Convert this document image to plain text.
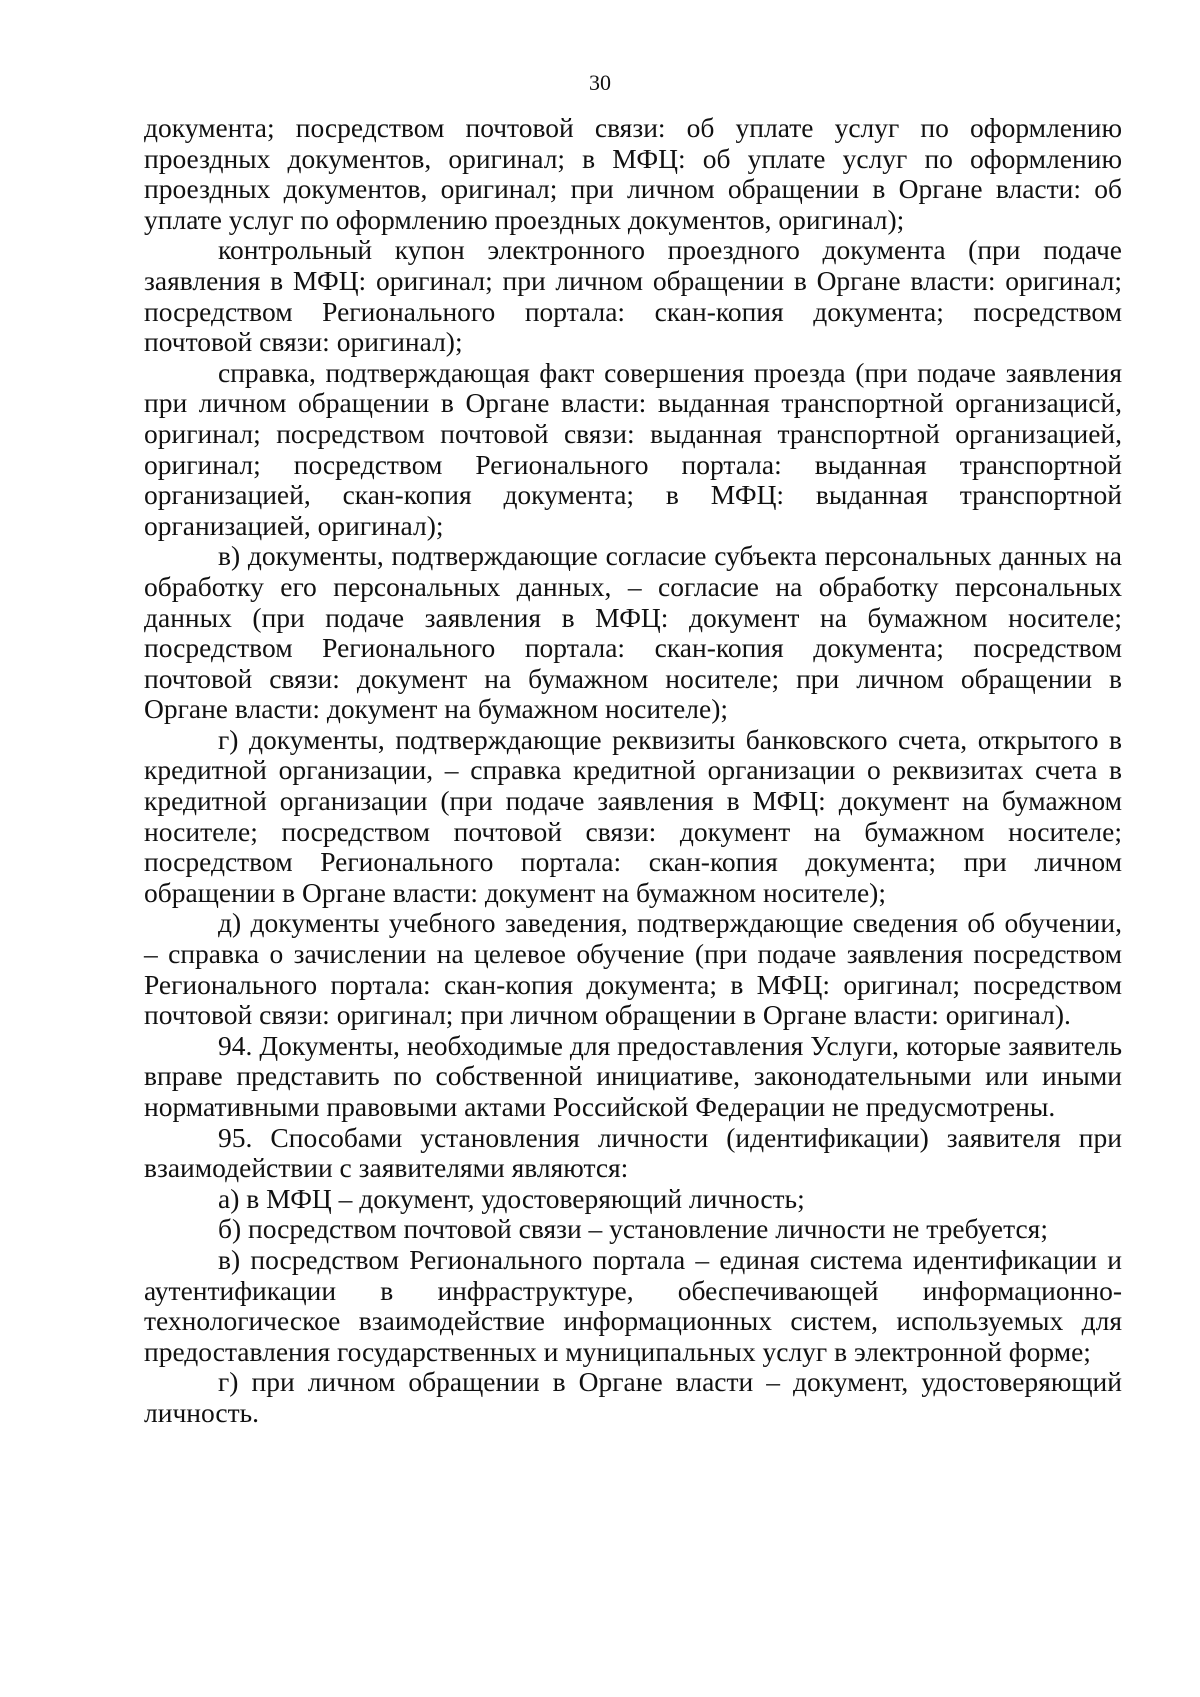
30

документа; посредством почтовой связи: об уплате услуг по оформлению проездных документов, оригинал; в МФЦ: об уплате услуг по оформлению проездных документов, оригинал; при личном обращении в Органе власти: об уплате услуг по оформлению проездных документов, оригинал);

контрольный купон электронного проездного документа (при подаче заявления в МФЦ: оригинал; при личном обращении в Органе власти: оригинал; посредством Регионального портала: скан-копия документа; посредством почтовой связи: оригинал);

справка, подтверждающая факт совершения проезда (при подаче заявления при личном обращении в Органе власти: выданная транспортной организацисй, оригинал; посредством почтовой связи: выданная транспортной организацией, оригинал; посредством Регионального портала: выданная транспортной организацией, скан-копия документа; в МФЦ: выданная транспортной организацией, оригинал);

в) документы, подтверждающие согласие субъекта персональных данных на обработку его персональных данных, – согласие на обработку персональных данных (при подаче заявления в МФЦ: документ на бумажном носителе; посредством Регионального портала: скан-копия документа; посредством почтовой связи: документ на бумажном носителе; при личном обращении в Органе власти: документ на бумажном носителе);

г) документы, подтверждающие реквизиты банковского счета, открытого в кредитной организации, – справка кредитной организации о реквизитах счета в кредитной организации (при подаче заявления в МФЦ: документ на бумажном носителе; посредством почтовой связи: документ на бумажном носителе; посредством Регионального портала: скан-копия документа; при личном обращении в Органе власти: документ на бумажном носителе);

д) документы учебного заведения, подтверждающие сведения об обучении, – справка о зачислении на целевое обучение (при подаче заявления посредством Регионального портала: скан-копия документа; в МФЦ: оригинал; посредством почтовой связи: оригинал; при личном обращении в Органе власти: оригинал).

94. Документы, необходимые для предоставления Услуги, которые заявитель вправе представить по собственной инициативе, законодательными или иными нормативными правовыми актами Российской Федерации не предусмотрены.

95. Способами установления личности (идентификации) заявителя при взаимодействии с заявителями являются:

а) в МФЦ – документ, удостоверяющий личность;

б) посредством почтовой связи – установление личности не требуется;

в) посредством Регионального портала – единая система идентификации и аутентификации в инфраструктуре, обеспечивающей информационно-технологическое взаимодействие информационных систем, используемых для предоставления государственных и муниципальных услуг в электронной форме;

г) при личном обращении в Органе власти – документ, удостоверяющий личность.
